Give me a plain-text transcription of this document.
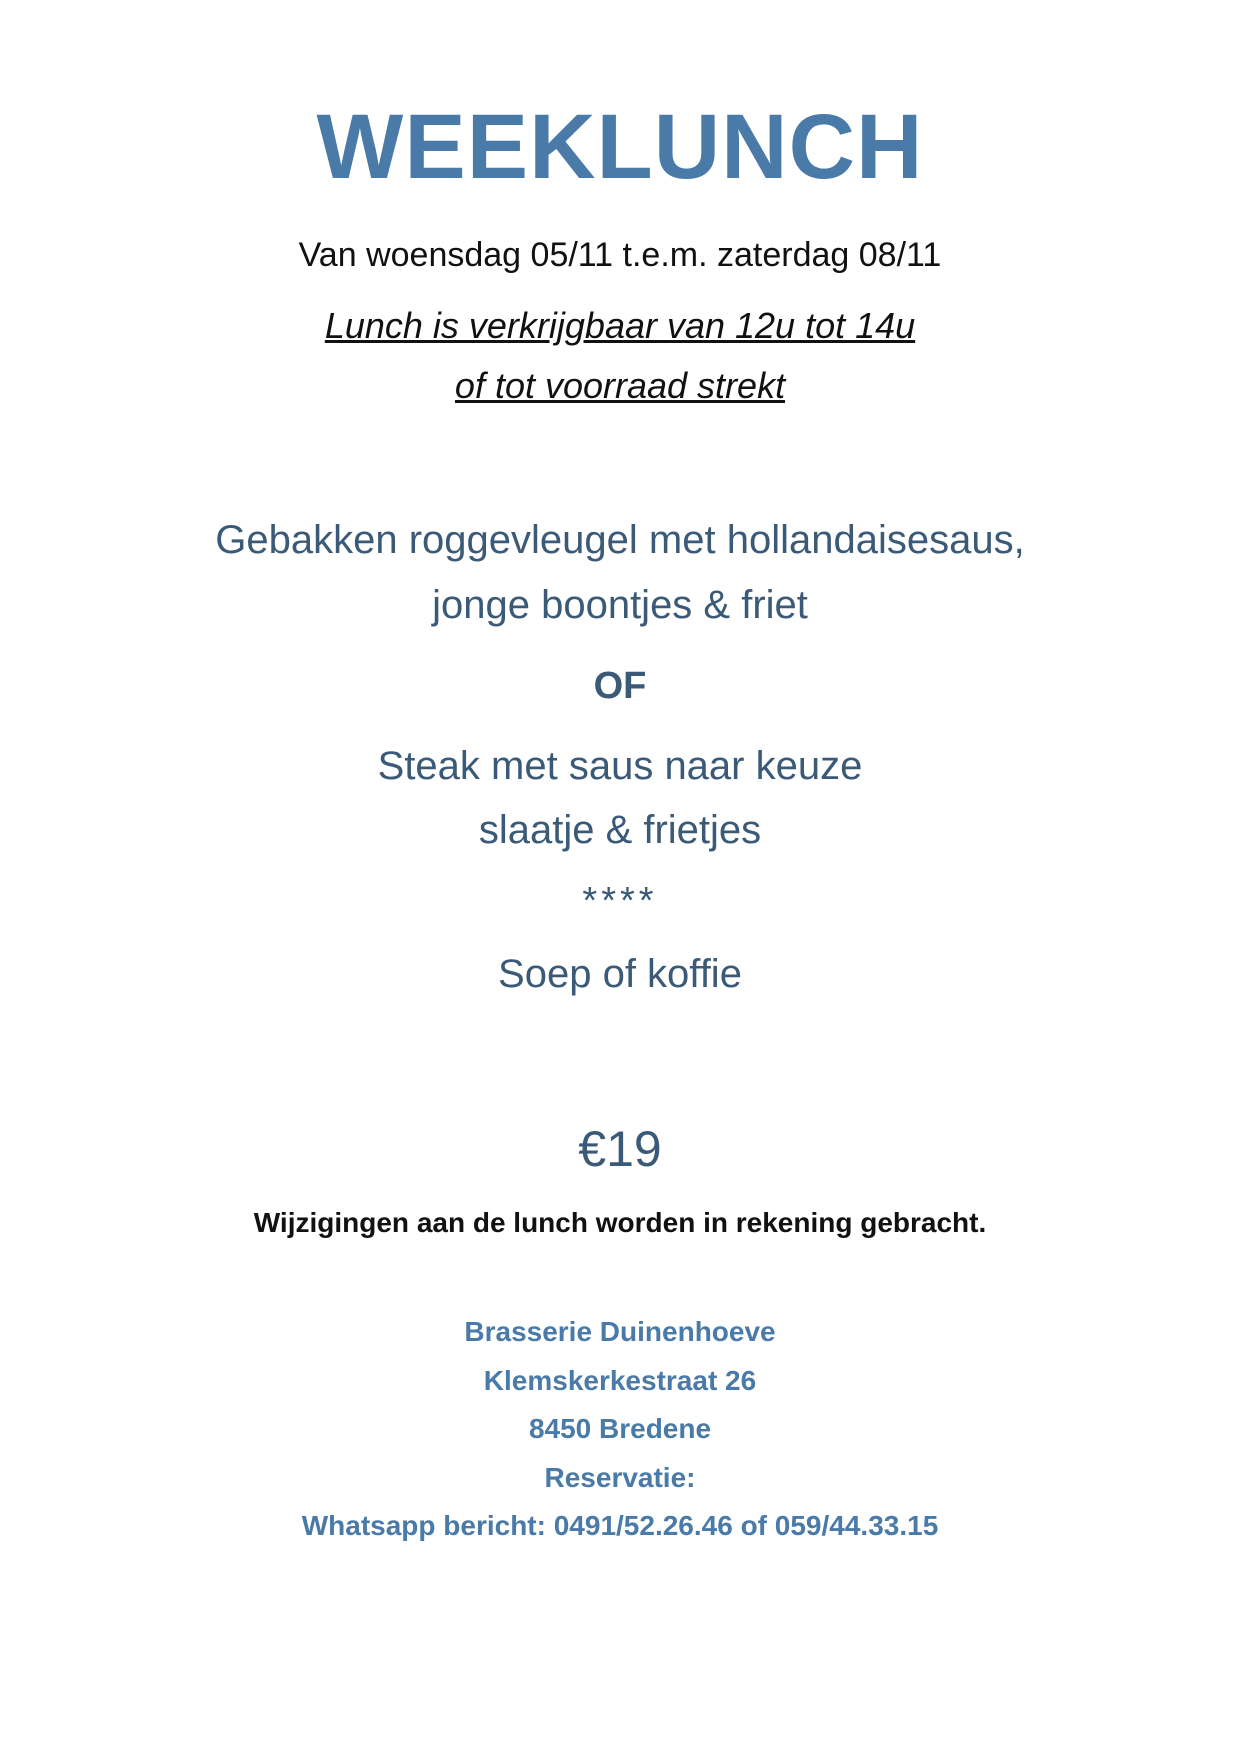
WEEKLUNCH
Van woensdag 05/11 t.e.m. zaterdag 08/11
Lunch is verkrijgbaar van 12u tot 14u
of tot voorraad strekt
Gebakken roggevleugel met hollandaisesaus,
jonge boontjes & friet
OF
Steak met saus naar keuze
slaatje & frietjes
****
Soep of koffie
€19
Wijzigingen aan de lunch worden in rekening gebracht.
Brasserie Duinenhoeve
Klemskerkestraat 26
8450 Bredene
Reservatie:
Whatsapp bericht: 0491/52.26.46 of 059/44.33.15
